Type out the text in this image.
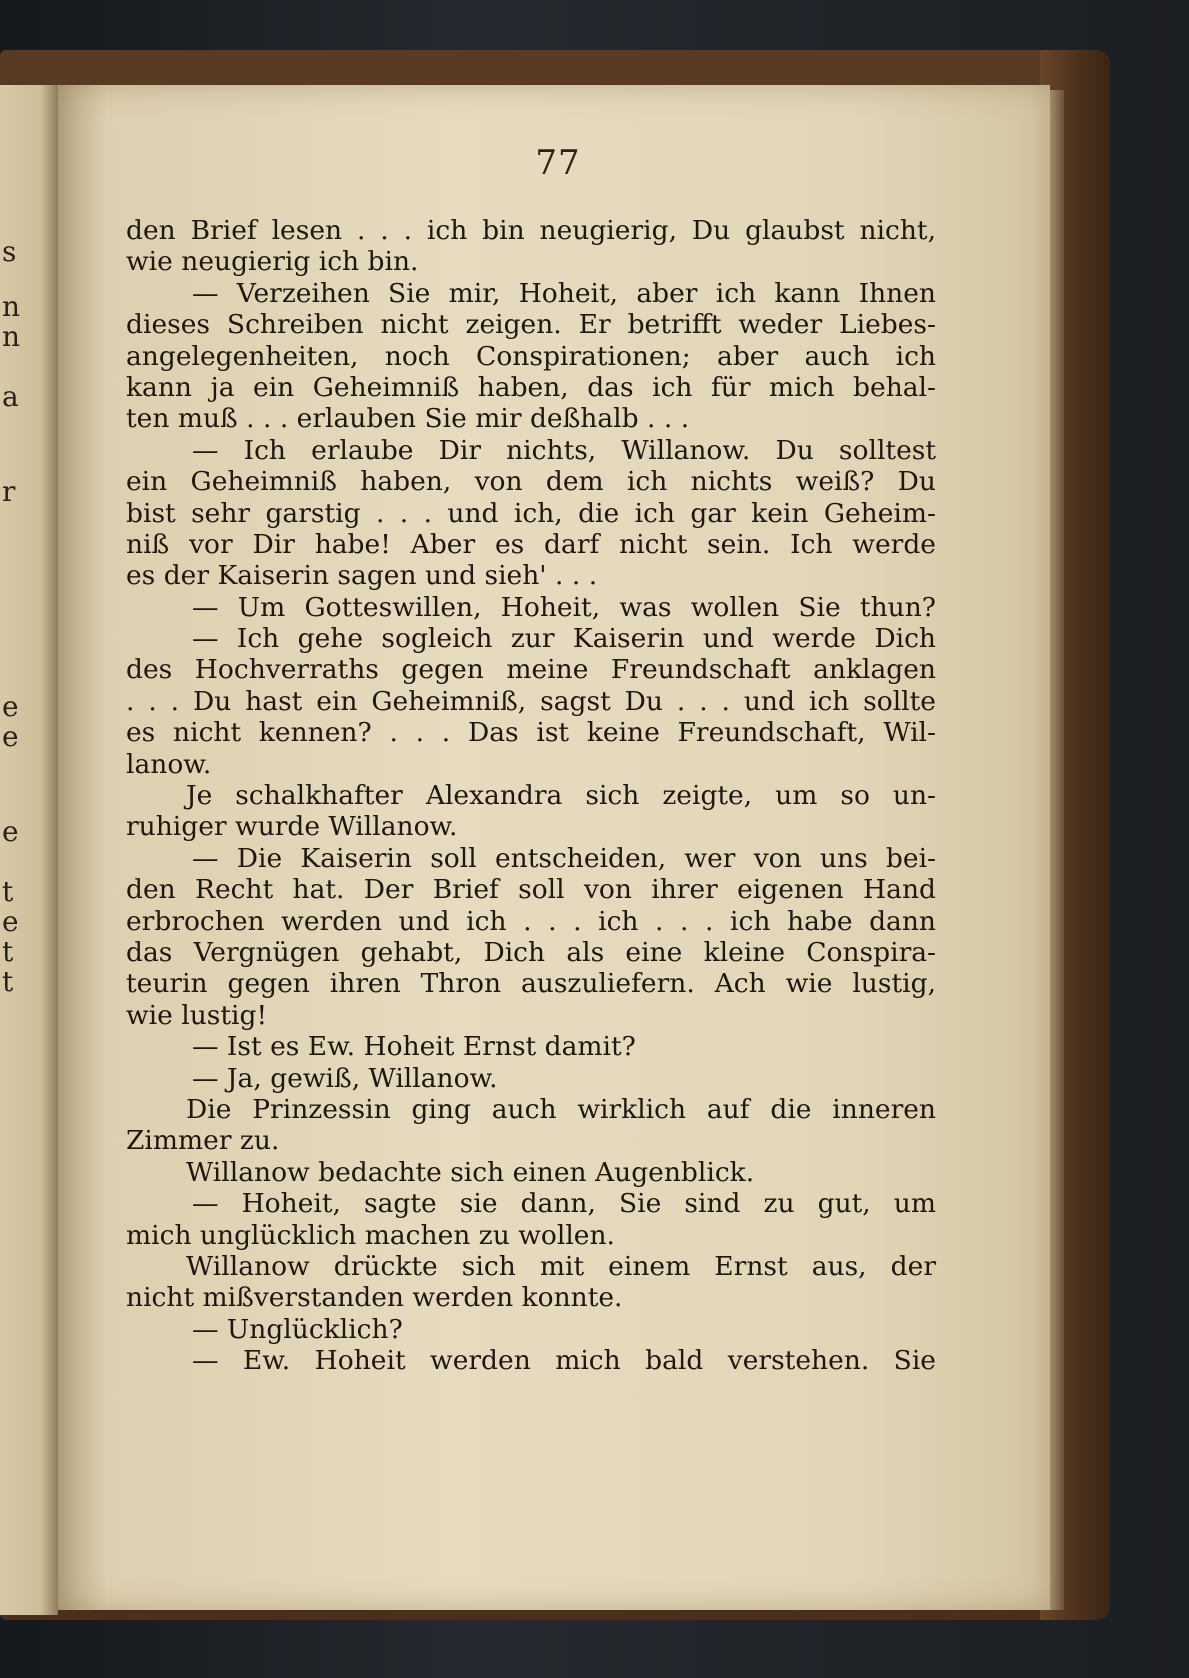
s
n
n
a
r
e
e
e
t
e
t
t
77
den Brief lesen . . . ich bin neugierig, Du glaubst nicht,
wie neugierig ich bin.
— Verzeihen Sie mir, Hoheit, aber ich kann Ihnen
dieses Schreiben nicht zeigen. Er betrifft weder Liebes-
angelegenheiten, noch Conspirationen; aber auch ich
kann ja ein Geheimniß haben, das ich für mich behal-
ten muß . . . erlauben Sie mir deßhalb . . .
— Ich erlaube Dir nichts, Willanow. Du solltest
ein Geheimniß haben, von dem ich nichts weiß? Du
bist sehr garstig . . . und ich, die ich gar kein Geheim-
niß vor Dir habe! Aber es darf nicht sein. Ich werde
es der Kaiserin sagen und sieh' . . .
— Um Gotteswillen, Hoheit, was wollen Sie thun?
— Ich gehe sogleich zur Kaiserin und werde Dich
des Hochverraths gegen meine Freundschaft anklagen
. . . Du hast ein Geheimniß, sagst Du . . . und ich sollte
es nicht kennen? . . . Das ist keine Freundschaft, Wil-
lanow.
Je schalkhafter Alexandra sich zeigte, um so un-
ruhiger wurde Willanow.
— Die Kaiserin soll entscheiden, wer von uns bei-
den Recht hat. Der Brief soll von ihrer eigenen Hand
erbrochen werden und ich . . . ich . . . ich habe dann
das Vergnügen gehabt, Dich als eine kleine Conspira-
teurin gegen ihren Thron auszuliefern. Ach wie lustig,
wie lustig!
— Ist es Ew. Hoheit Ernst damit?
— Ja, gewiß, Willanow.
Die Prinzessin ging auch wirklich auf die inneren
Zimmer zu.
Willanow bedachte sich einen Augenblick.
— Hoheit, sagte sie dann, Sie sind zu gut, um
mich unglücklich machen zu wollen.
Willanow drückte sich mit einem Ernst aus, der
nicht mißverstanden werden konnte.
— Unglücklich?
— Ew. Hoheit werden mich bald verstehen. Sie
